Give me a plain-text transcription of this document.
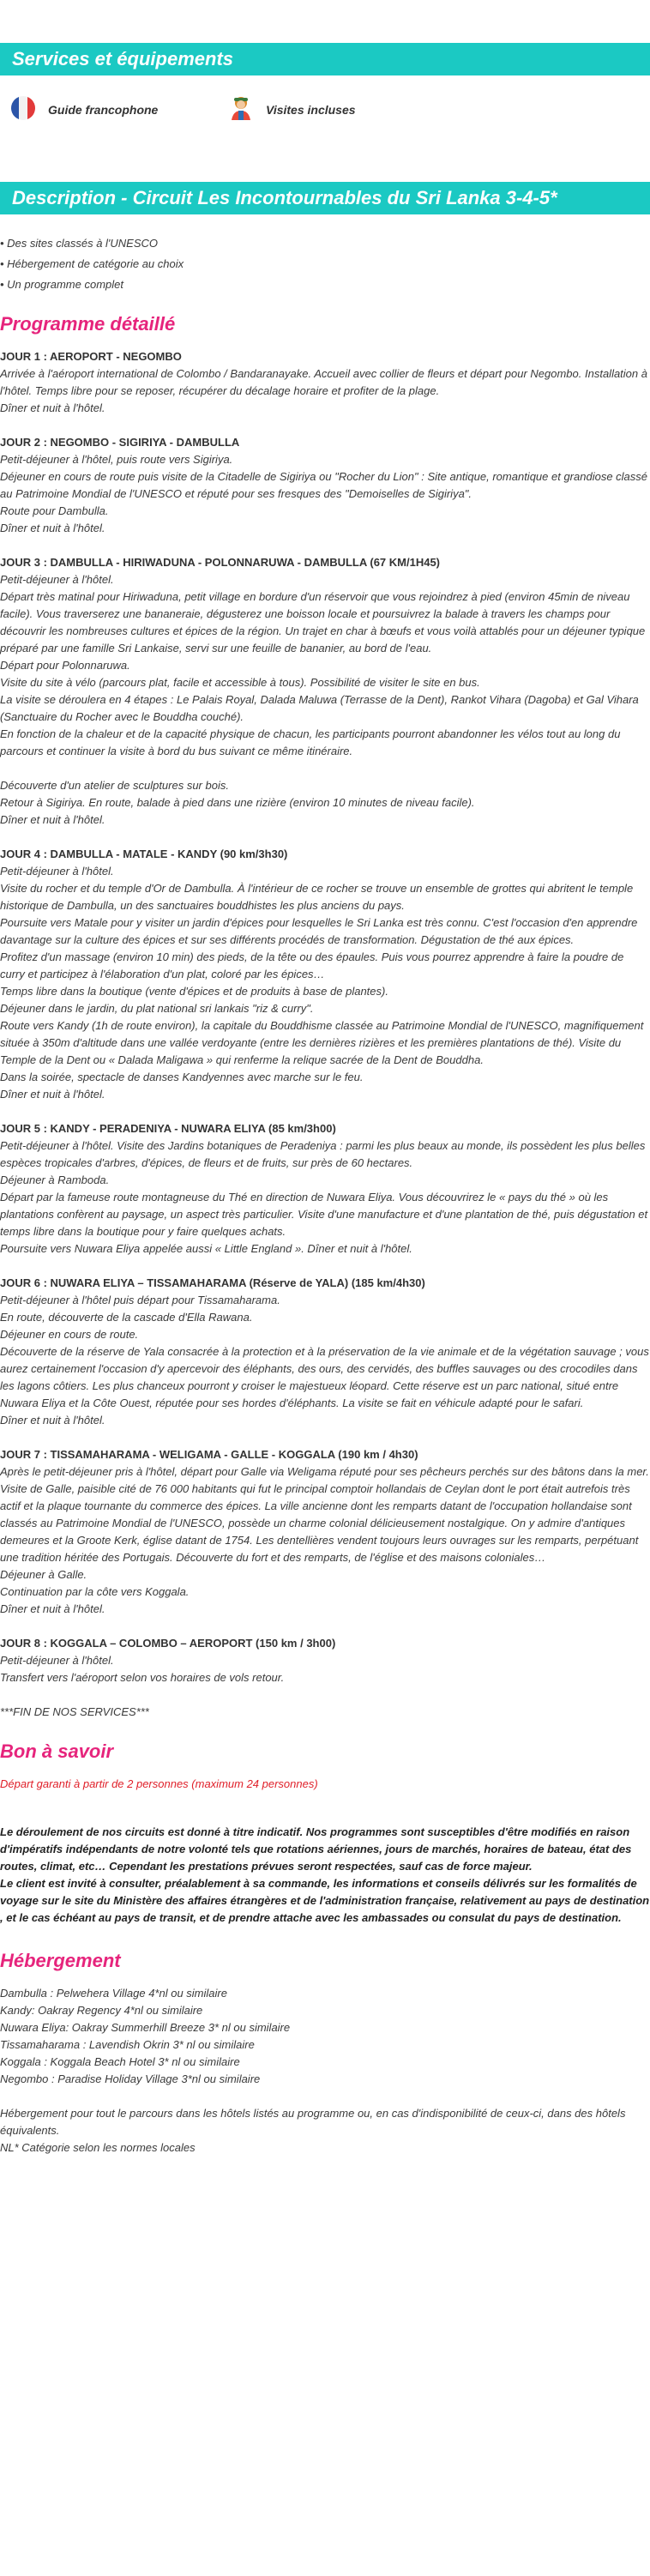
Services et équipements
Guide francophone	Visites incluses
Description - Circuit Les Incontournables du Sri Lanka 3-4-5*
• Des sites classés à l'UNESCO
• Hébergement de catégorie au choix
• Un programme complet
Programme détaillé
JOUR 1 : AEROPORT - NEGOMBO

Arrivée à l'aéroport international de Colombo / Bandaranayake. Accueil avec collier de fleurs et départ pour Negombo. Installation à l'hôtel. Temps libre pour se reposer, récupérer du décalage horaire et profiter de la plage.

Dîner et nuit à l'hôtel.

JOUR 2 : NEGOMBO - SIGIRIYA - DAMBULLA

Petit-déjeuner à l'hôtel, puis route vers Sigiriya.

Déjeuner en cours de route puis visite de la Citadelle de Sigiriya ou "Rocher du Lion" : Site antique, romantique et grandiose classé au Patrimoine Mondial de l'UNESCO et réputé pour ses fresques des "Demoiselles de Sigiriya".

Route pour Dambulla.

Dîner et nuit à l'hôtel.

JOUR 3 : DAMBULLA - HIRIWADUNA - POLONNARUWA - DAMBULLA (67 KM/1H45)

Petit-déjeuner à l'hôtel.

Départ très matinal pour Hiriwaduna, petit village en bordure d'un réservoir que vous rejoindrez à pied (environ 45min de niveau facile). Vous traverserez une bananeraie, dégusterez une boisson locale et poursuivrez la balade à travers les champs pour découvrir les nombreuses cultures et épices de la région. Un trajet en char à bœufs et vous voilà attablés pour un déjeuner typique préparé par une famille Sri Lankaise, servi sur une feuille de bananier, au bord de l'eau.

Départ pour Polonnaruwa.

Visite du site à vélo (parcours plat, facile et accessible à tous). Possibilité de visiter le site en bus.

La visite se déroulera en 4 étapes : Le Palais Royal, Dalada Maluwa (Terrasse de la Dent), Rankot Vihara (Dagoba) et Gal Vihara (Sanctuaire du Rocher avec le Bouddha couché).

En fonction de la chaleur et de la capacité physique de chacun, les participants pourront abandonner les vélos tout au long du parcours et continuer la visite à bord du bus suivant ce même itinéraire.

Découverte d'un atelier de sculptures sur bois.

Retour à Sigiriya. En route, balade à pied dans une rizière (environ 10 minutes de niveau facile).

Dîner et nuit à l'hôtel.

JOUR 4 : DAMBULLA - MATALE - KANDY (90 km/3h30)

Petit-déjeuner à l'hôtel.

Visite du rocher et du temple d'Or de Dambulla. À l'intérieur de ce rocher se trouve un ensemble de grottes qui abritent le temple historique de Dambulla, un des sanctuaires bouddhistes les plus anciens du pays.

Poursuite vers Matale pour y visiter un jardin d'épices pour lesquelles le Sri Lanka est très connu. C'est l'occasion d'en apprendre davantage sur la culture des épices et sur ses différents procédés de transformation. Dégustation de thé aux épices.

Profitez d'un massage (environ 10 min) des pieds, de la tête ou des épaules. Puis vous pourrez apprendre à faire la poudre de curry et participez à l'élaboration d'un plat, coloré par les épices…

Temps libre dans la boutique (vente d'épices et de produits à base de plantes).

Déjeuner dans le jardin, du plat national sri lankais "riz & curry".

Route vers Kandy (1h de route environ), la capitale du Bouddhisme classée au Patrimoine Mondial de l'UNESCO, magnifiquement située à 350m d'altitude dans une vallée verdoyante (entre les dernières rizières et les premières plantations de thé). Visite du Temple de la Dent ou « Dalada Maligawa » qui renferme la relique sacrée de la Dent de Bouddha.

Dans la soirée, spectacle de danses Kandyennes avec marche sur le feu.

Dîner et nuit à l'hôtel.

JOUR 5 : KANDY - PERADENIYA - NUWARA ELIYA (85 km/3h00)

Petit-déjeuner à l'hôtel. Visite des Jardins botaniques de Peradeniya : parmi les plus beaux au monde, ils possèdent les plus belles espèces tropicales d'arbres, d'épices, de fleurs et de fruits, sur près de 60 hectares.

Déjeuner à Ramboda.

Départ par la fameuse route montagneuse du Thé en direction de Nuwara Eliya. Vous découvrirez le « pays du thé » où les plantations confèrent au paysage, un aspect très particulier. Visite d'une manufacture et d'une plantation de thé, puis dégustation et temps libre dans la boutique pour y faire quelques achats.

Poursuite vers Nuwara Eliya appelée aussi « Little England ». Dîner et nuit à l'hôtel.

JOUR 6 : NUWARA ELIYA – TISSAMAHARAMA (Réserve de YALA) (185 km/4h30)

Petit-déjeuner à l'hôtel puis départ pour Tissamaharama.

En route, découverte de la cascade d'Ella Rawana.

Déjeuner en cours de route.

Découverte de la réserve de Yala consacrée à la protection et à la préservation de la vie animale et de la végétation sauvage ; vous aurez certainement l'occasion d'y apercevoir des éléphants, des ours, des cervidés, des buffles sauvages ou des crocodiles dans les lagons côtiers. Les plus chanceux pourront y croiser le majestueux léopard. Cette réserve est un parc national, situé entre Nuwara Eliya et la Côte Ouest, réputée pour ses hordes d'éléphants. La visite se fait en véhicule adapté pour le safari.

Dîner et nuit à l'hôtel.

JOUR 7 : TISSAMAHARAMA - WELIGAMA - GALLE - KOGGALA (190 km / 4h30)

Après le petit-déjeuner pris à l'hôtel, départ pour Galle via Weligama réputé pour ses pêcheurs perchés sur des bâtons dans la mer.

Visite de Galle, paisible cité de 76 000 habitants qui fut le principal comptoir hollandais de Ceylan dont le port était autrefois très actif et la plaque tournante du commerce des épices. La ville ancienne dont les remparts datant de l'occupation hollandaise sont classés au Patrimoine Mondial de l'UNESCO, possède un charme colonial délicieusement nostalgique. On y admire d'antiques demeures et la Groote Kerk, église datant de 1754. Les dentellières vendent toujours leurs ouvrages sur les remparts, perpétuant une tradition héritée des Portugais. Découverte du fort et des remparts, de l'église et des maisons coloniales…

Déjeuner à Galle.

Continuation par la côte vers Koggala.

Dîner et nuit à l'hôtel.

JOUR 8 : KOGGALA – COLOMBO – AEROPORT (150 km / 3h00)

Petit-déjeuner à l'hôtel.

Transfert vers l'aéroport selon vos horaires de vols retour.

***FIN DE NOS SERVICES***

Bon à savoir

Départ garanti à partir de 2 personnes (maximum 24 personnes)

Le déroulement de nos circuits est donné à titre indicatif. Nos programmes sont susceptibles d'être modifiés en raison d'impératifs indépendants de notre volonté tels que rotations aériennes, jours de marchés, horaires de bateau, état des routes, climat, etc… Cependant les prestations prévues seront respectées, sauf cas de force majeur.

Le client est invité à consulter, préalablement à sa commande, les informations et conseils délivrés sur les formalités de voyage sur le site du Ministère des affaires étrangères et de l'administration française, relativement au pays de destination , et le cas échéant au pays de transit, et de prendre attache avec les ambassades ou consulat du pays de destination.

Hébergement

Dambulla : Pelwehera Village 4*nl ou similaire

Kandy: Oakray Regency 4*nl ou similaire

Nuwara Eliya: Oakray Summerhill Breeze 3* nl ou similaire

Tissamaharama : Lavendish Okrin 3* nl ou similaire

Koggala : Koggala Beach Hotel 3* nl ou similaire

Negombo : Paradise Holiday Village 3*nl ou similaire

Hébergement pour tout le parcours dans les hôtels listés au programme ou, en cas d'indisponibilité de ceux-ci, dans des hôtels équivalents.

NL* Catégorie selon les normes locales
